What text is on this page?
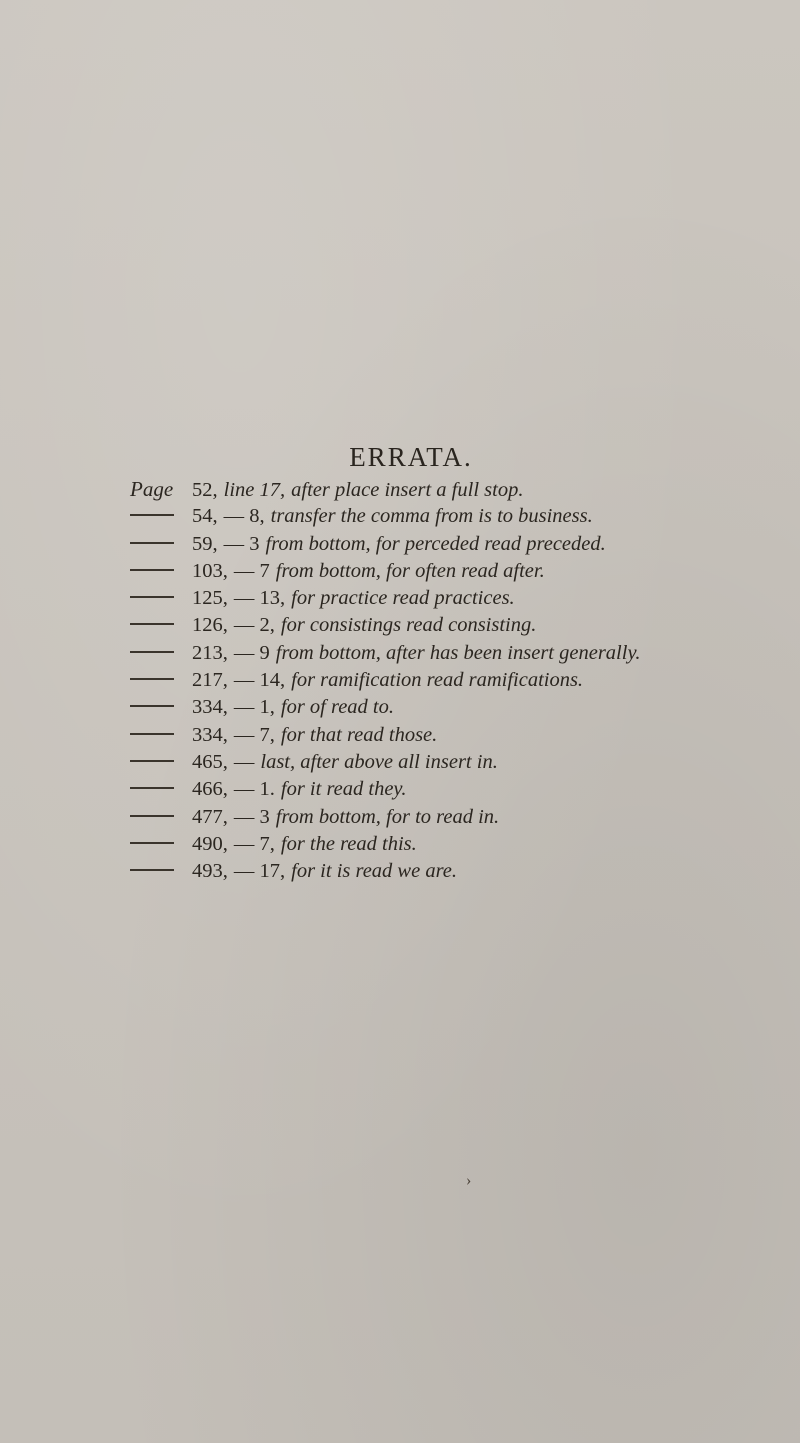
ERRATA.
Page 52, line 17, after place insert a full stop.
54, — 8, transfer the comma from is to business.
59, — 3 from bottom, for perceded read preceded.
103, — 7 from bottom, for often read after.
125, — 13, for practice read practices.
126, — 2, for consistings read consisting.
213, — 9 from bottom, after has been insert generally.
217, — 14, for ramification read ramifications.
334, — 1, for of read to.
334, — 7, for that read those.
465, — last, after above all insert in.
466, — 1. for it read they.
477, — 3 from bottom, for to read in.
490, — 7, for the read this.
493, — 17, for it is read we are.
›
